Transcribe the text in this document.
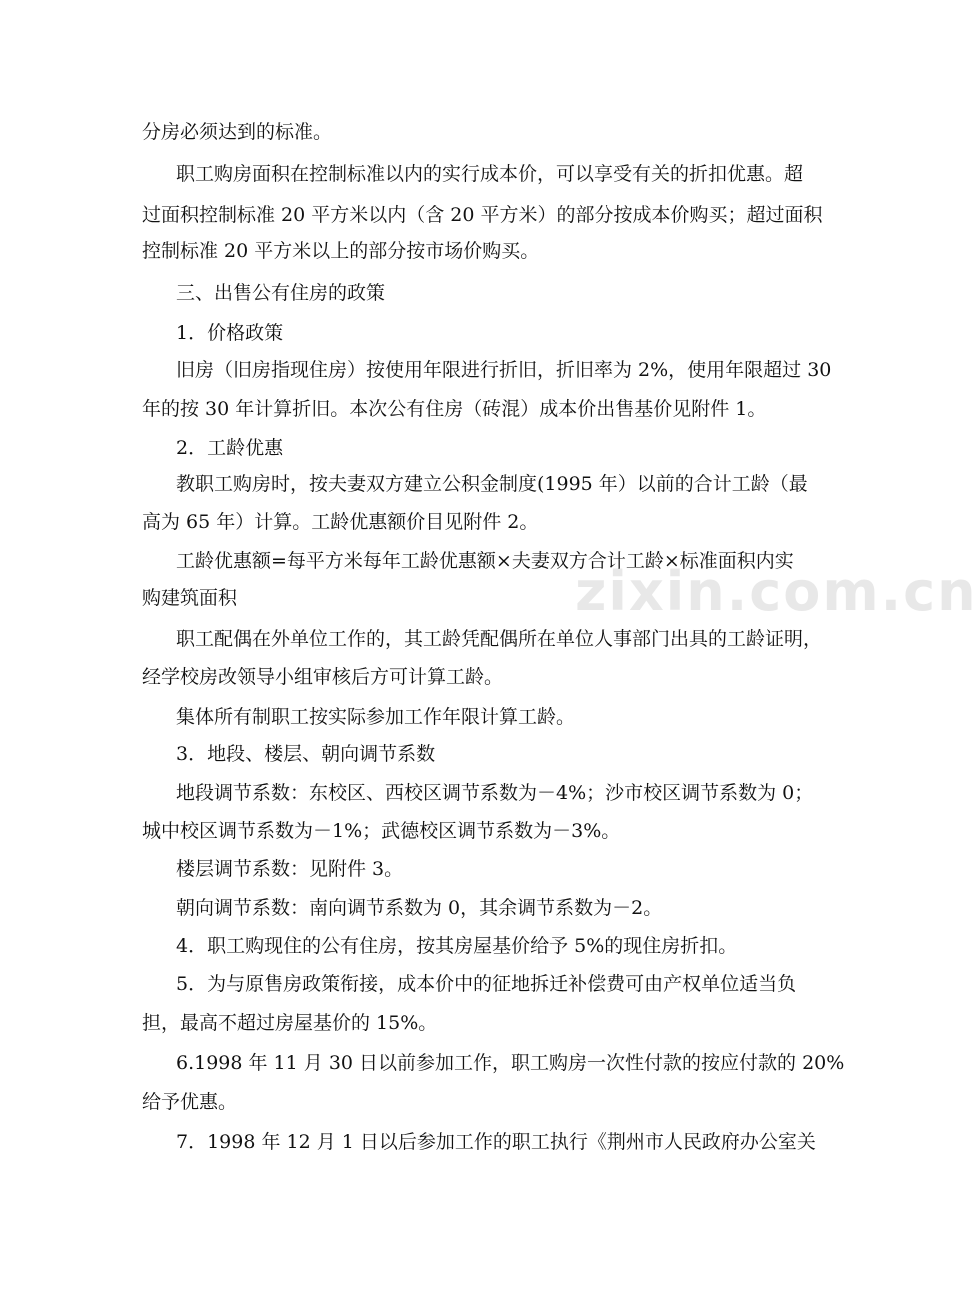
zixin.com.cn
分房必须达到的标准。
职工购房面积在控制标准以内的实行成本价，可以享受有关的折扣优惠。超
过面积控制标准 20 平方米以内（含 20 平方米）的部分按成本价购买；超过面积
控制标准 20 平方米以上的部分按市场价购买。
三、出售公有住房的政策
1．价格政策
旧房（旧房指现住房）按使用年限进行折旧，折旧率为 2%，使用年限超过 30
年的按 30 年计算折旧。本次公有住房（砖混）成本价出售基价见附件 1。
2．工龄优惠
教职工购房时，按夫妻双方建立公积金制度(1995 年）以前的合计工龄（最
高为 65 年）计算。工龄优惠额价目见附件 2。
工龄优惠额=每平方米每年工龄优惠额×夫妻双方合计工龄×标准面积内实
购建筑面积
职工配偶在外单位工作的，其工龄凭配偶所在单位人事部门出具的工龄证明，
经学校房改领导小组审核后方可计算工龄。
集体所有制职工按实际参加工作年限计算工龄。
3．地段、楼层、朝向调节系数
地段调节系数：东校区、西校区调节系数为－4%；沙市校区调节系数为 0；
城中校区调节系数为－1%；武德校区调节系数为－3%。
楼层调节系数：见附件 3。
朝向调节系数：南向调节系数为 0，其余调节系数为－2。
4．职工购现住的公有住房，按其房屋基价给予 5%的现住房折扣。
5．为与原售房政策衔接，成本价中的征地拆迁补偿费可由产权单位适当负
担，最高不超过房屋基价的 15%。
6.1998 年 11 月 30 日以前参加工作，职工购房一次性付款的按应付款的 20%
给予优惠。
7．1998 年 12 月 1 日以后参加工作的职工执行《荆州市人民政府办公室关
